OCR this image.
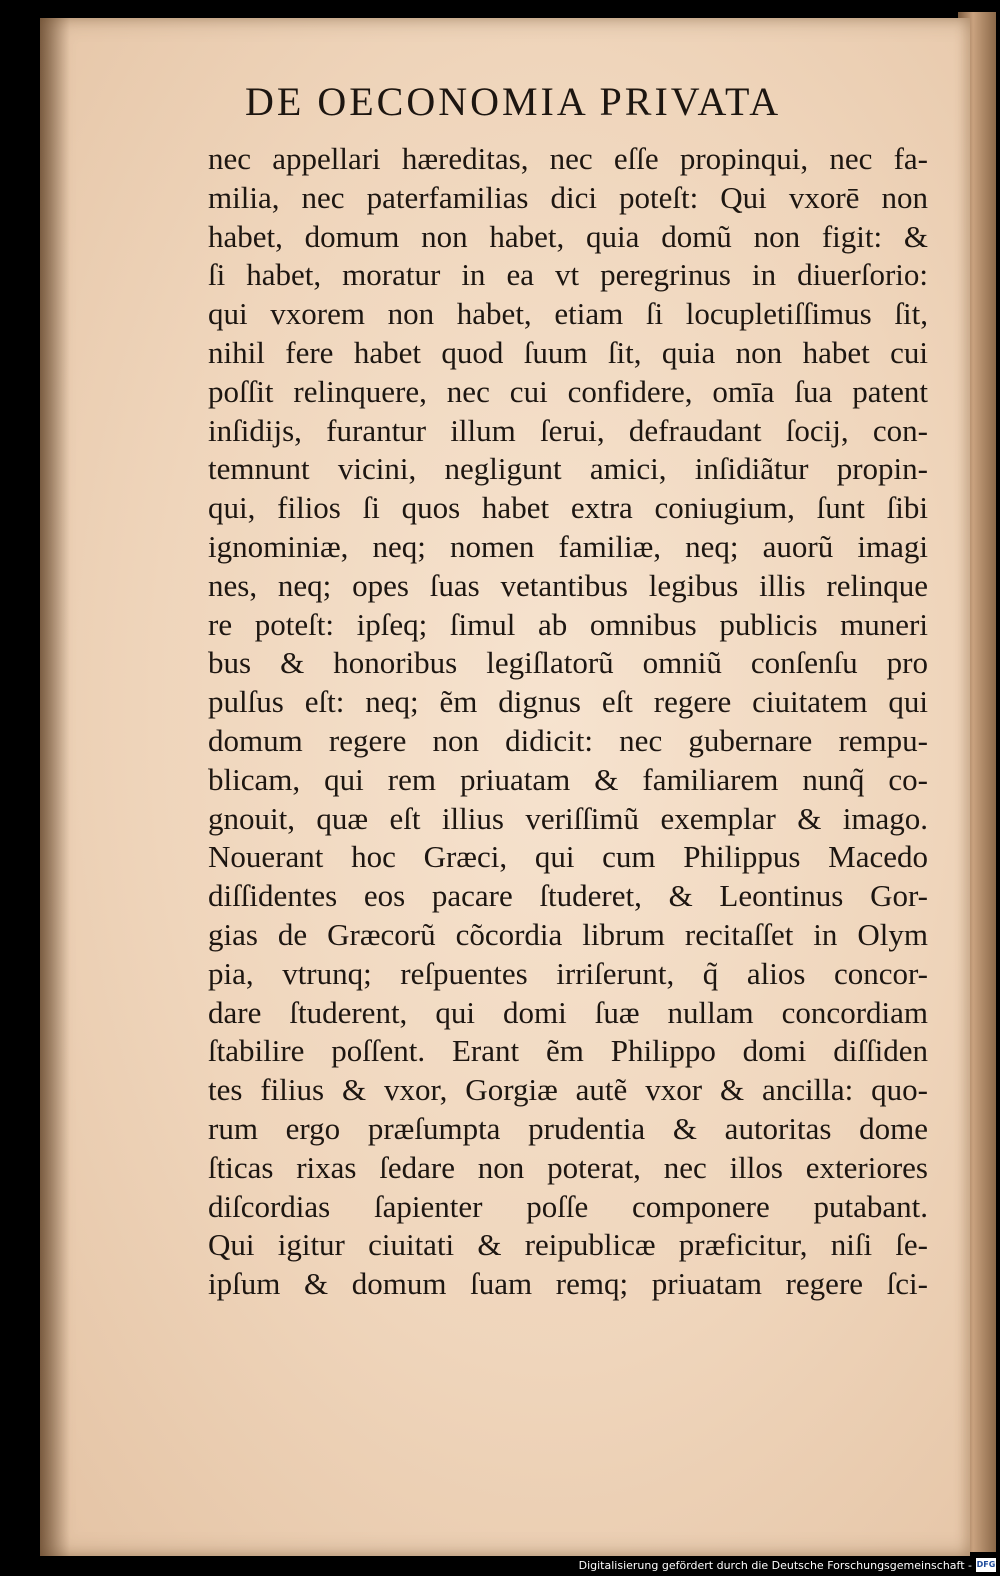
DE OECONOMIA PRIVATA
nec appellari hæreditas, nec eſſe propinqui, nec fa-
milia, nec paterfamilias dici poteſt: Qui vxorē non
habet, domum non habet, quia domũ non figit: &
ſi habet, moratur in ea vt peregrinus in diuerſorio:
qui vxorem non habet, etiam ſi locupletiſſimus ſit,
nihil fere habet quod ſuum ſit, quia non habet cui
poſſit relinquere, nec cui confidere, omīa ſua patent
inſidijs, furantur illum ſerui, defraudant ſocij, con-
temnunt vicini, negligunt amici, inſidiãtur propin-
qui, filios ſi quos habet extra coniugium, ſunt ſibi
ignominiæ, neq; nomen familiæ, neq; auorũ imagi
nes, neq; opes ſuas vetantibus legibus illis relinque
re poteſt: ipſeq; ſimul ab omnibus publicis muneri
bus & honoribus legiſlatorũ omniũ conſenſu pro
pulſus eſt: neq; ẽm dignus eſt regere ciuitatem qui
domum regere non didicit: nec gubernare rempu-
blicam, qui rem priuatam & familiarem nunq̃ co-
gnouit, quæ eſt illius veriſſimũ exemplar & imago.
Nouerant hoc Græci, qui cum Philippus Macedo
diſſidentes eos pacare ſtuderet, & Leontinus Gor-
gias de Græcorũ cõcordia librum recitaſſet in Olym
pia, vtrunq; reſpuentes irriſerunt, q̃ alios concor-
dare ſtuderent, qui domi ſuæ nullam concordiam
ſtabilire poſſent. Erant ẽm Philippo domi diſſiden
tes filius & vxor, Gorgiæ autẽ vxor & ancilla: quo-
rum ergo præſumpta prudentia & autoritas dome
ſticas rixas ſedare non poterat, nec illos exteriores
diſcordias ſapienter poſſe componere putabant.
Qui igitur ciuitati & reipublicæ præficitur, niſi ſe-
ipſum & domum ſuam remq; priuatam regere ſci-
Digitalisierung gefördert durch die Deutsche Forschungsgemeinschaft - DFG
